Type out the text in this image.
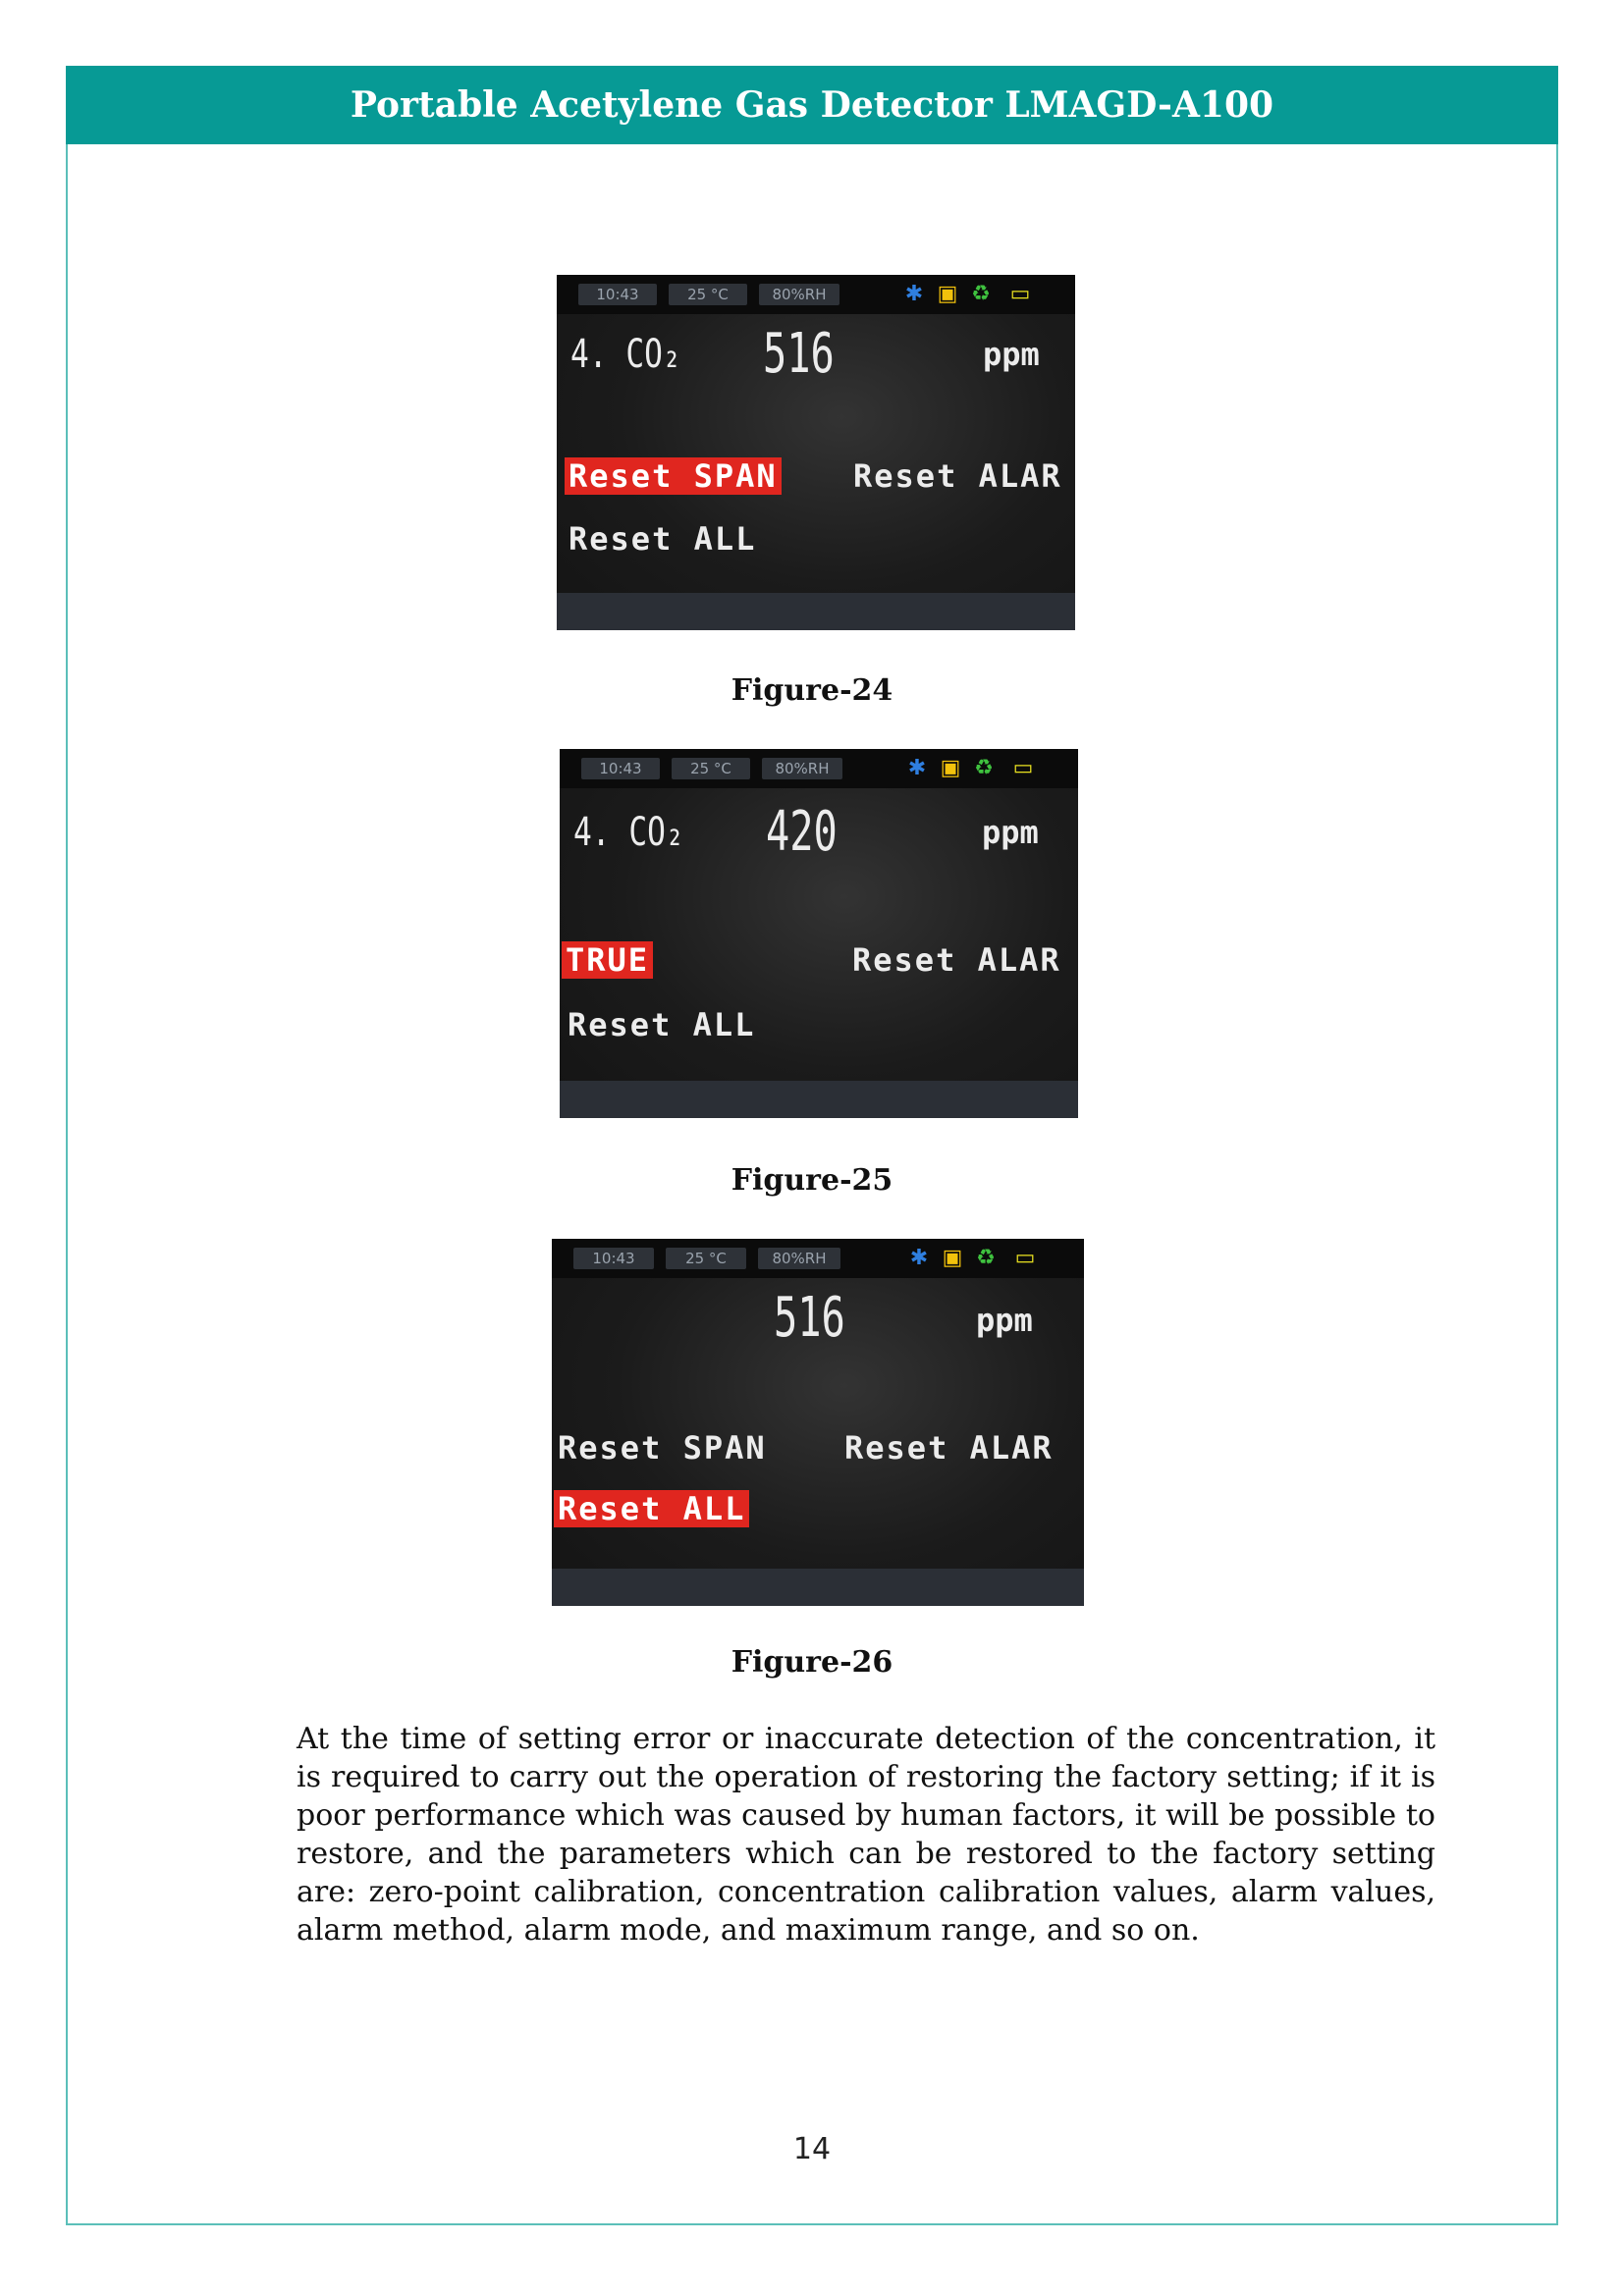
Portable Acetylene Gas Detector LMAGD-A100
10:43	25 °C	80%RH	✱ ▣ ♻ ▭
4. CO₂ 516	ppm
Reset SPAN Reset ALAR
Reset ALL
Figure-24
10:43	25 °C	80%RH	✱ ▣ ♻ ▭
4. CO₂ 420	ppm
TRUE	Reset ALAR
Reset ALL
Figure-25
10:43	25 °C	80%RH	✱ ▣ ♻ ▭
516	ppm
Reset SPAN Reset ALAR
Reset ALL
Figure-26
At the time of setting error or inaccurate detection of the concentration, it is required to carry out the operation of restoring the factory setting; if it is poor performance which was caused by human factors, it will be possible to restore, and the parameters which can be restored to the factory setting are: zero-point calibration, concentration calibration values, alarm values, alarm method, alarm mode, and maximum range, and so on.
14
